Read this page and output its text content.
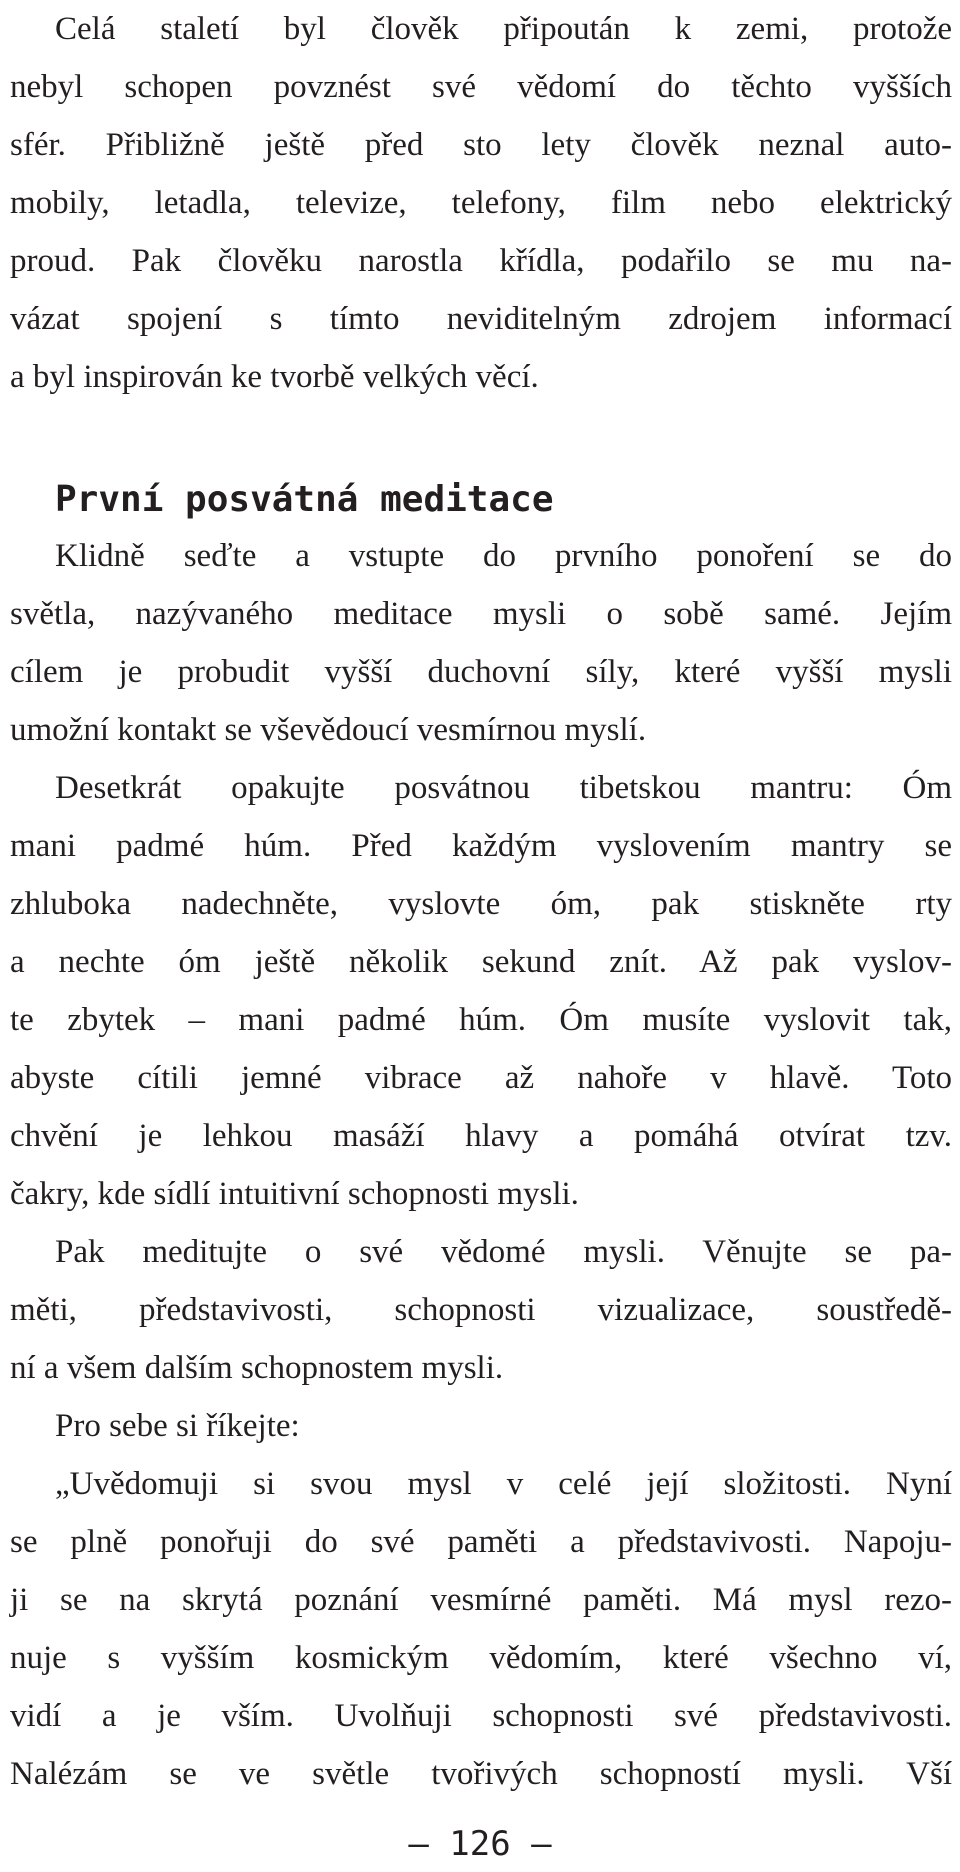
Celá staletí byl člověk připoután k zemi, protože
nebyl schopen povznést své vědomí do těchto vyšších
sfér. Přibližně ještě před sto lety člověk neznal auto-
mobily, letadla, televize, telefony, film nebo elektrický
proud. Pak člověku narostla křídla, podařilo se mu na-
vázat spojení s tímto neviditelným zdrojem informací
a byl inspirován ke tvorbě velkých věcí.
První posvátná meditace
Klidně seďte a vstupte do prvního ponoření se do
světla, nazývaného meditace mysli o sobě samé. Jejím
cílem je probudit vyšší duchovní síly, které vyšší mysli
umožní kontakt se vševědoucí vesmírnou myslí.
Desetkrát opakujte posvátnou tibetskou mantru: Óm
mani padmé húm. Před každým vyslovením mantry se
zhluboka nadechněte, vyslovte óm, pak stiskněte rty
a nechte óm ještě několik sekund znít. Až pak vyslov-
te zbytek – mani padmé húm. Óm musíte vyslovit tak,
abyste cítili jemné vibrace až nahoře v hlavě. Toto
chvění je lehkou masáží hlavy a pomáhá otvírat tzv.
čakry, kde sídlí intuitivní schopnosti mysli.
Pak meditujte o své vědomé mysli. Věnujte se pa-
měti, představivosti, schopnosti vizualizace, soustředě-
ní a všem dalším schopnostem mysli.
Pro sebe si říkejte:
„Uvědomuji si svou mysl v celé její složitosti. Nyní
se plně ponořuji do své paměti a představivosti. Napoju-
ji se na skrytá poznání vesmírné paměti. Má mysl rezo-
nuje s vyšším kosmickým vědomím, které všechno ví,
vidí a je vším. Uvolňuji schopnosti své představivosti.
Nalézám se ve světle tvořivých schopností mysli. Vší
– 126 –
